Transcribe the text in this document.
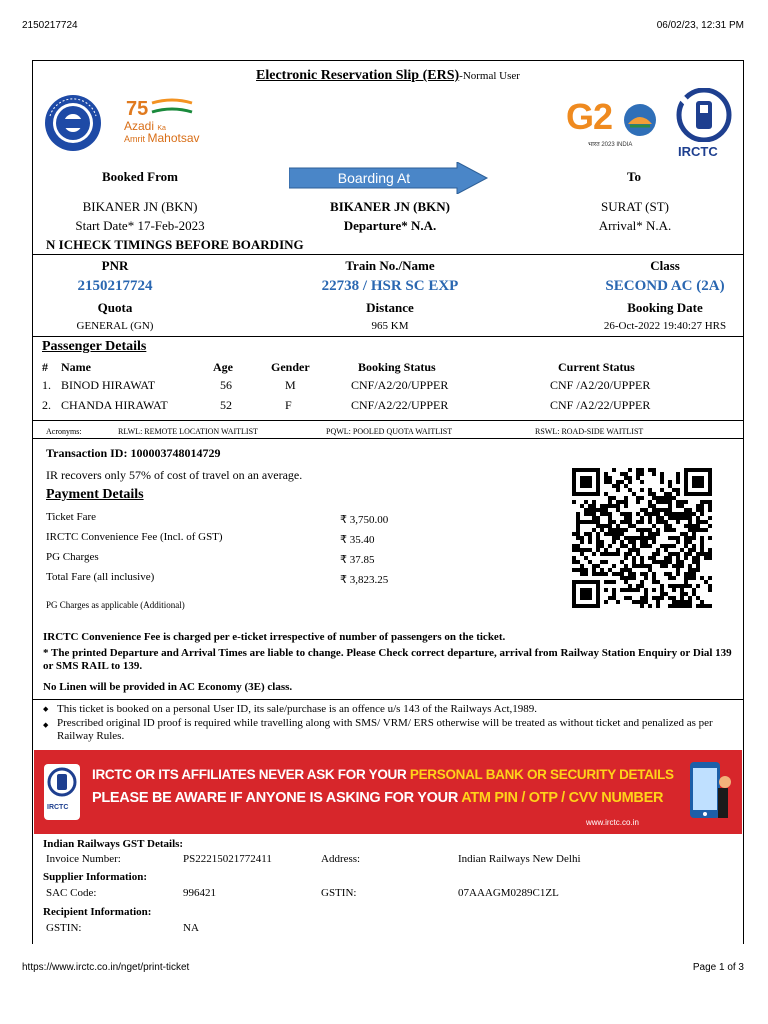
2150217724	06/02/23, 12:31 PM
Electronic Reservation Slip (ERS)-Normal User
75
Azadi Ka
Amrit Mahotsav
G2
भारत 2023 INDIA	IRCTC
Booked From	Boarding At	To
BIKANER JN (BKN)	BIKANER JN (BKN)	SURAT (ST)
Start Date* 17-Feb-2023	Departure* N.A.	Arrival* N.A.
N ICHECK TIMINGS BEFORE BOARDING
PNR	Train No./Name	Class
2150217724	22738 / HSR SC EXP	SECOND AC (2A)
Quota	Distance	Booking Date
GENERAL (GN)	965 KM	26-Oct-2022 19:40:27 HRS
Passenger Details
# Name	Age	Gender	Booking Status	Current Status
1. BINOD HIRAWAT	56	M	CNF/A2/20/UPPER	CNF /A2/20/UPPER
2. CHANDA HIRAWAT	52	F	CNF/A2/22/UPPER	CNF /A2/22/UPPER
Acronyms:	RLWL: REMOTE LOCATION WAITLIST	PQWL: POOLED QUOTA WAITLIST	RSWL: ROAD-SIDE WAITLIST
Transaction ID: 100003748014729
IR recovers only 57% of cost of travel on an average.
Payment Details
Ticket Fare	₹ 3,750.00
IRCTC Convenience Fee (Incl. of GST)	₹ 35.40
PG Charges	₹ 37.85
Total Fare (all inclusive)	₹ 3,823.25
PG Charges as applicable (Additional)
IRCTC Convenience Fee is charged per e-ticket irrespective of number of passengers on the ticket.
* The printed Departure and Arrival Times are liable to change. Please Check correct departure, arrival from Railway Station Enquiry or Dial 139 or SMS RAIL to 139.
No Linen will be provided in AC Economy (3E) class.
◆ This ticket is booked on a personal User ID, its sale/purchase is an offence u/s 143 of the Railways Act,1989.
◆ Prescribed original ID proof is required while travelling along with SMS/ VRM/ ERS otherwise will be treated as without ticket and penalized as per Railway Rules.
IRCTC
IRCTC OR ITS AFFILIATES NEVER ASK FOR YOUR PERSONAL BANK OR SECURITY DETAILS
PLEASE BE AWARE IF ANYONE IS ASKING FOR YOUR ATM PIN / OTP / CVV NUMBER
www.irctc.co.in
Indian Railways GST Details:
Invoice Number:	PS22215021772411	Address:	Indian Railways New Delhi
Supplier Information:
SAC Code:	996421	GSTIN:	07AAAGM0289C1ZL
Recipient Information:
GSTIN:	NA
https://www.irctc.co.in/nget/print-ticket	Page 1 of 3
